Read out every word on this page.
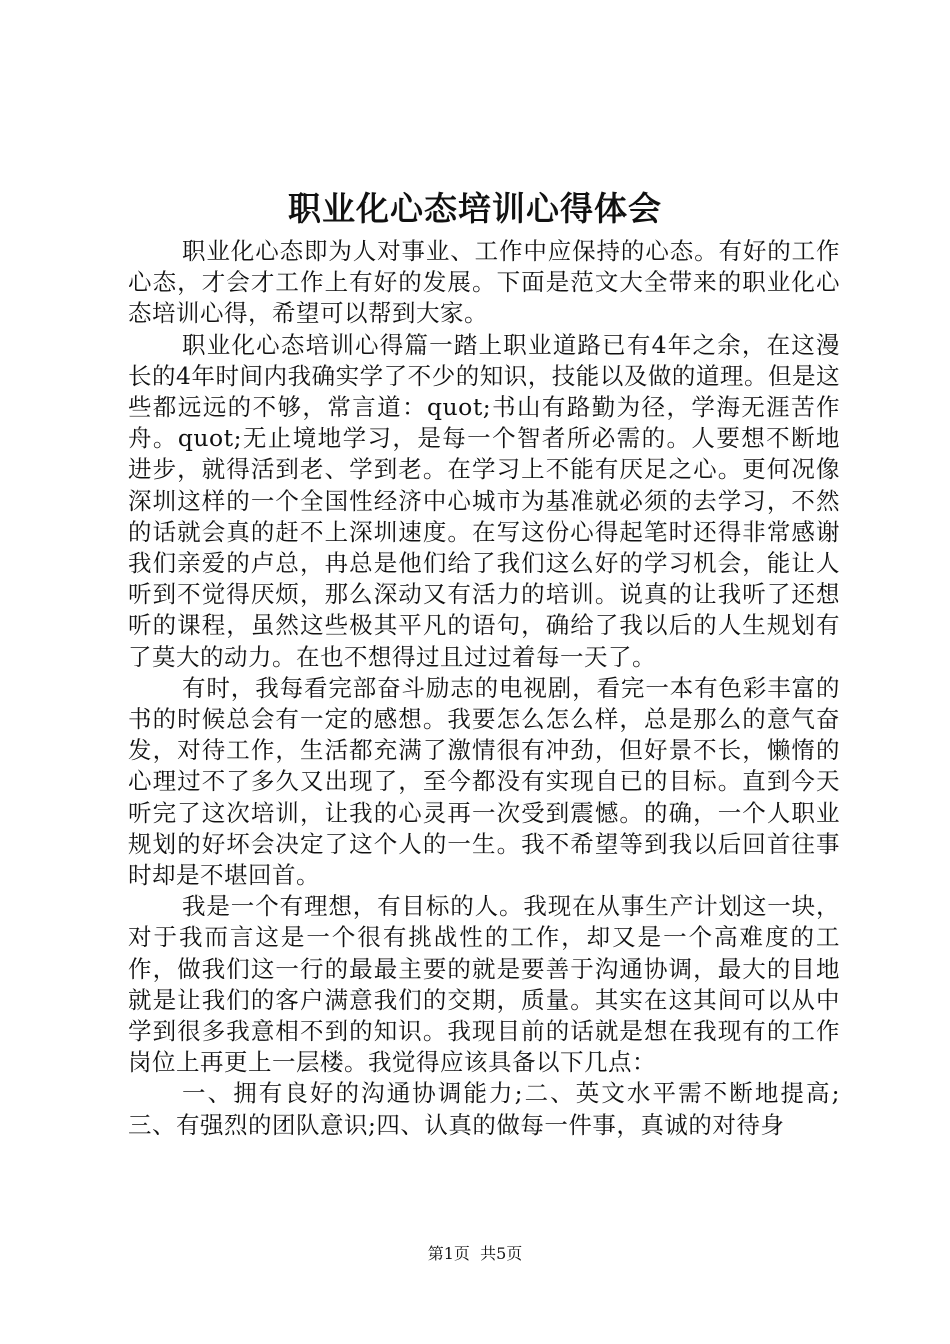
职业化心态培训心得体会

职业化心态即为人对事业、工作中应保持的心态。有好的工作心态，才会才工作上有好的发展。下面是范文大全带来的职业化心态培训心得，希望可以帮到大家。

职业化心态培训心得篇一踏上职业道路已有4年之余，在这漫长的4年时间内我确实学了不少的知识，技能以及做的道理。但是这些都远远的不够，常言道：quot;书山有路勤为径，学海无涯苦作舟。quot;无止境地学习，是每一个智者所必需的。人要想不断地进步，就得活到老、学到老。在学习上不能有厌足之心。更何况像深圳这样的一个全国性经济中心城市为基准就必须的去学习，不然的话就会真的赶不上深圳速度。在写这份心得起笔时还得非常感谢我们亲爱的卢总，冉总是他们给了我们这么好的学习机会，能让人听到不觉得厌烦，那么深动又有活力的培训。说真的让我听了还想听的课程，虽然这些极其平凡的语句，确给了我以后的人生规划有了莫大的动力。在也不想得过且过过着每一天了。

有时，我每看完部奋斗励志的电视剧，看完一本有色彩丰富的书的时候总会有一定的感想。我要怎么怎么样，总是那么的意气奋发，对待工作，生活都充满了激情很有冲劲，但好景不长，懒惰的心理过不了多久又出现了，至今都没有实现自已的目标。直到今天听完了这次培训，让我的心灵再一次受到震憾。的确，一个人职业规划的好坏会决定了这个人的一生。我不希望等到我以后回首往事时却是不堪回首。

我是一个有理想，有目标的人。我现在从事生产计划这一块，对于我而言这是一个很有挑战性的工作，却又是一个高难度的工作，做我们这一行的最最主要的就是要善于沟通协调，最大的目地就是让我们的客户满意我们的交期，质量。其实在这其间可以从中学到很多我意相不到的知识。我现目前的话就是想在我现有的工作岗位上再更上一层楼。我觉得应该具备以下几点：

一、拥有良好的沟通协调能力;二、英文水平需不断地提高;三、有强烈的团队意识;四、认真的做每一件事，真诚的对待身

第1页 共5页
